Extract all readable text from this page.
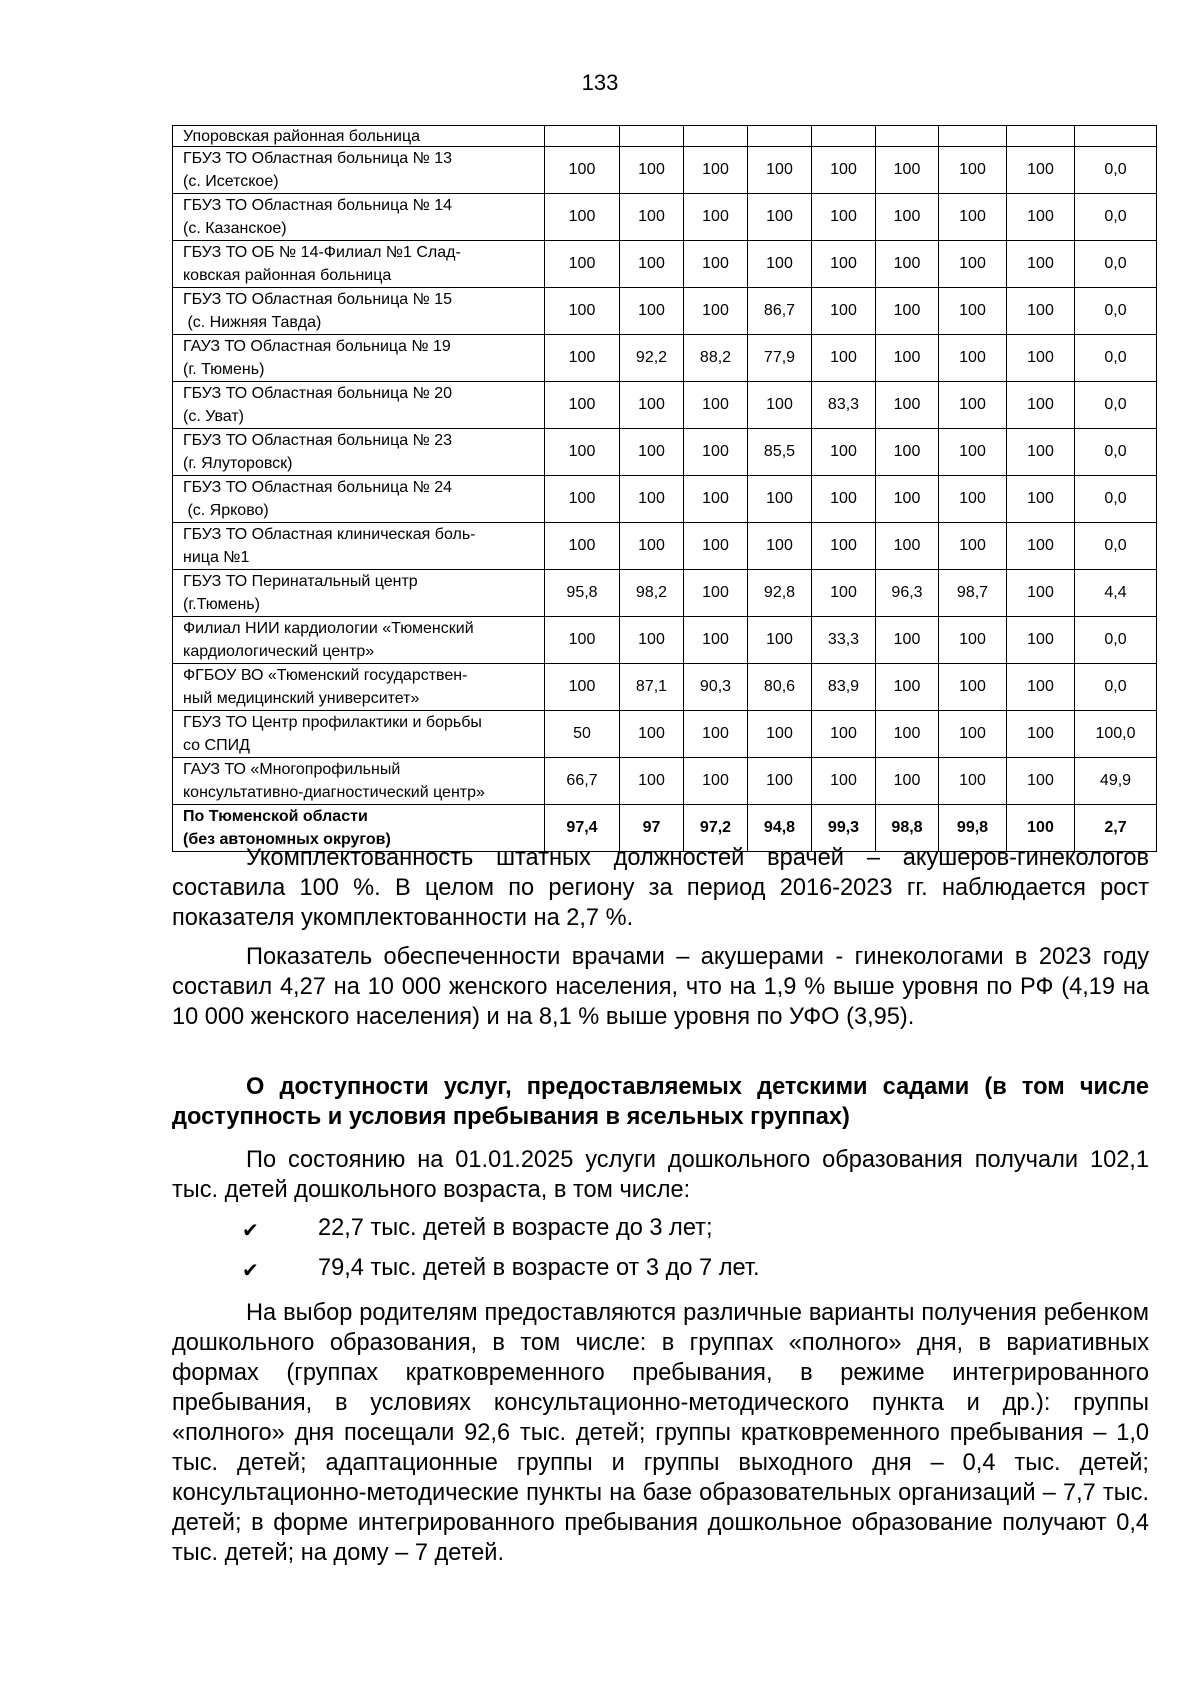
133
Упоровская районная больница									

ГБУЗ ТО Областная больница № 13
(с. Исетское)	100	100	100	100	100	100	100	100	0,0

ГБУЗ ТО Областная больница № 14
(с. Казанское)	100	100	100	100	100	100	100	100	0,0

ГБУЗ ТО ОБ № 14-Филиал №1 Слад-
ковская районная больница	100	100	100	100	100	100	100	100	0,0

ГБУЗ ТО Областная больница № 15
(с. Нижняя Тавда)	100	100	100	86,7	100	100	100	100	0,0

ГАУЗ ТО Областная больница № 19
(г. Тюмень)	100	92,2	88,2	77,9	100	100	100	100	0,0

ГБУЗ ТО Областная больница № 20
(с. Уват)	100	100	100	100	83,3	100	100	100	0,0

ГБУЗ ТО Областная больница № 23
(г. Ялуторовск)	100	100	100	85,5	100	100	100	100	0,0

ГБУЗ ТО Областная больница № 24
(с. Ярково)	100	100	100	100	100	100	100	100	0,0

ГБУЗ ТО Областная клиническая боль-
ница №1	100	100	100	100	100	100	100	100	0,0

ГБУЗ ТО Перинатальный центр
(г.Тюмень)	95,8	98,2	100	92,8	100	96,3	98,7	100	4,4

Филиал НИИ кардиологии «Тюменский
кардиологический центр»	100	100	100	100	33,3	100	100	100	0,0

ФГБОУ ВО «Тюменский государствен-
ный медицинский университет»	100	87,1	90,3	80,6	83,9	100	100	100	0,0

ГБУЗ ТО Центр профилактики и борьбы
со СПИД	50	100	100	100	100	100	100	100	100,0

ГАУЗ ТО «Многопрофильный
консультативно-диагностический центр»	66,7	100	100	100	100	100	100	100	49,9

По Тюменской области
(без автономных округов)	97,4	97	97,2	94,8	99,3	98,8	99,8	100	2,7
Укомплектованность штатных должностей врачей – акушеров-гинекологов составила 100 %. В целом по региону за период 2016-2023 гг. наблюдается рост показателя укомплектованности на 2,7 %.
Показатель обеспеченности врачами – акушерами - гинекологами в 2023 году составил 4,27 на 10 000 женского населения, что на 1,9 % выше уровня по РФ (4,19 на 10 000 женского населения) и на 8,1 % выше уровня по УФО (3,95).
О доступности услуг, предоставляемых детскими садами (в том числе доступность и условия пребывания в ясельных группах)
По состоянию на 01.01.2025 услуги дошкольного образования получали 102,1 тыс. детей дошкольного возраста, в том числе:
✔	22,7 тыс. детей в возрасте до 3 лет;
✔	79,4 тыс. детей в возрасте от 3 до 7 лет.
На выбор родителям предоставляются различные варианты получения ребенком дошкольного образования, в том числе: в группах «полного» дня, в вариативных формах (группах кратковременного пребывания, в режиме интегрированного пребывания, в условиях консультационно-методического пункта и др.): группы «полного» дня посещали 92,6 тыс. детей; группы кратковременного пребывания – 1,0 тыс. детей; адаптационные группы и группы выходного дня – 0,4 тыс. детей; консультационно-методические пункты на базе образовательных организаций – 7,7 тыс. детей; в форме интегрированного пребывания дошкольное образование получают 0,4 тыс. детей; на дому – 7 детей.
